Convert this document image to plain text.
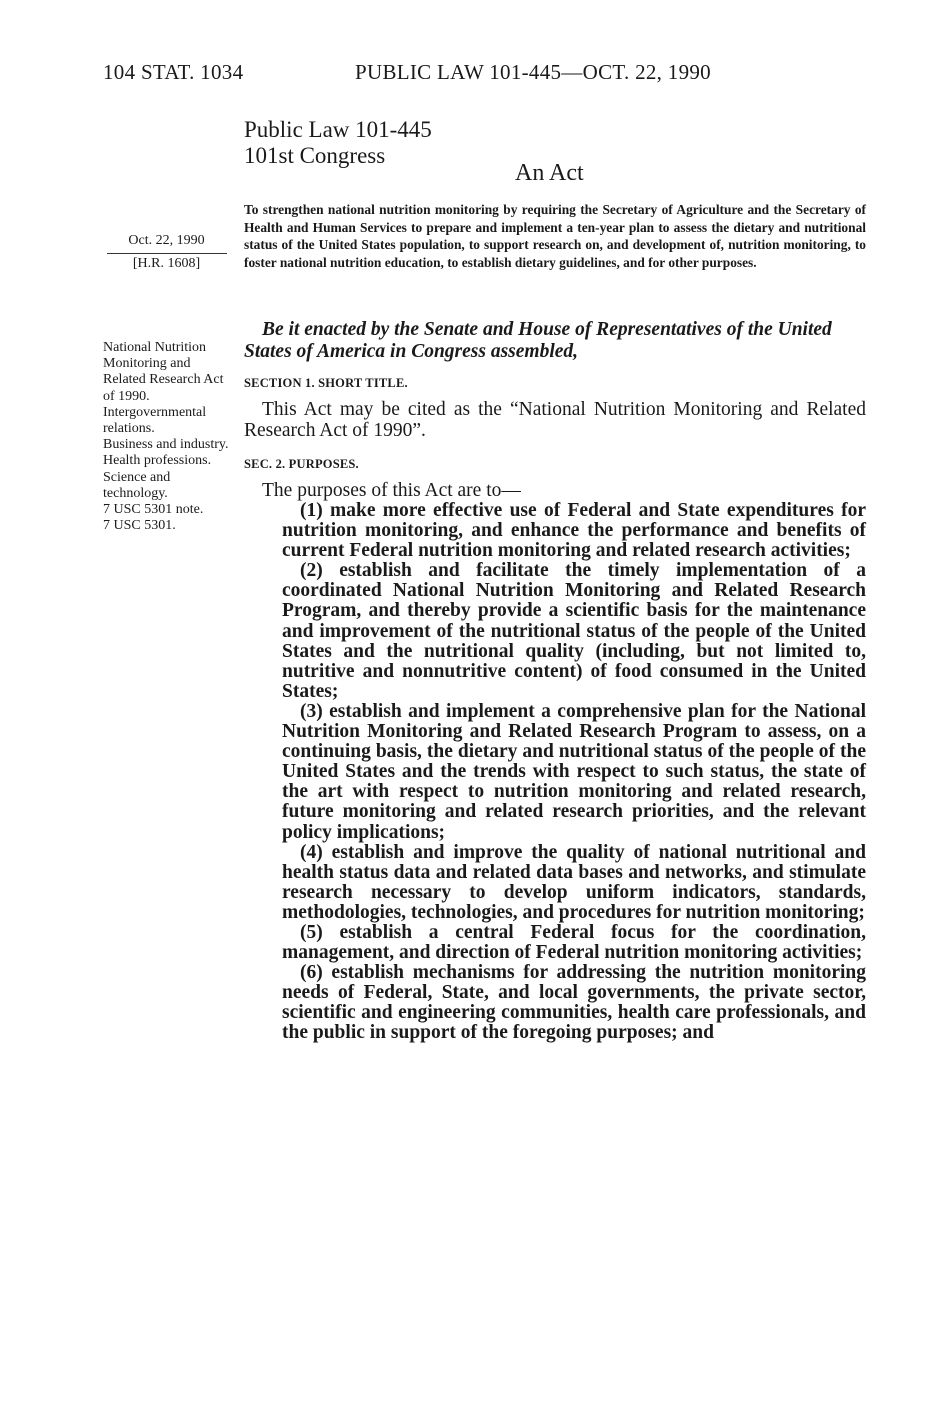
104 STAT. 1034	PUBLIC LAW 101-445—OCT. 22, 1990
Public Law 101-445
101st Congress
An Act
Oct. 22, 1990
[H.R. 1608]
To strengthen national nutrition monitoring by requiring the Secretary of Agriculture and the Secretary of Health and Human Services to prepare and implement a ten-year plan to assess the dietary and nutritional status of the United States population, to support research on, and development of, nutrition monitoring, to foster national nutrition education, to establish dietary guidelines, and for other purposes.
National Nutrition Monitoring and Related Research Act of 1990.
Intergovernmental relations.
Business and industry.
Health professions.
Science and technology.
7 USC 5301 note.
7 USC 5301.
Be it enacted by the Senate and House of Representatives of the United States of America in Congress assembled,
SECTION 1. SHORT TITLE.
This Act may be cited as the “National Nutrition Monitoring and Related Research Act of 1990”.
SEC. 2. PURPOSES.
The purposes of this Act are to—
(1) make more effective use of Federal and State expenditures for nutrition monitoring, and enhance the performance and benefits of current Federal nutrition monitoring and related research activities;
(2) establish and facilitate the timely implementation of a coordinated National Nutrition Monitoring and Related Research Program, and thereby provide a scientific basis for the maintenance and improvement of the nutritional status of the people of the United States and the nutritional quality (including, but not limited to, nutritive and nonnutritive content) of food consumed in the United States;
(3) establish and implement a comprehensive plan for the National Nutrition Monitoring and Related Research Program to assess, on a continuing basis, the dietary and nutritional status of the people of the United States and the trends with respect to such status, the state of the art with respect to nutrition monitoring and related research, future monitoring and related research priorities, and the relevant policy implications;
(4) establish and improve the quality of national nutritional and health status data and related data bases and networks, and stimulate research necessary to develop uniform indicators, standards, methodologies, technologies, and procedures for nutrition monitoring;
(5) establish a central Federal focus for the coordination, management, and direction of Federal nutrition monitoring activities;
(6) establish mechanisms for addressing the nutrition monitoring needs of Federal, State, and local governments, the private sector, scientific and engineering communities, health care professionals, and the public in support of the foregoing purposes; and
